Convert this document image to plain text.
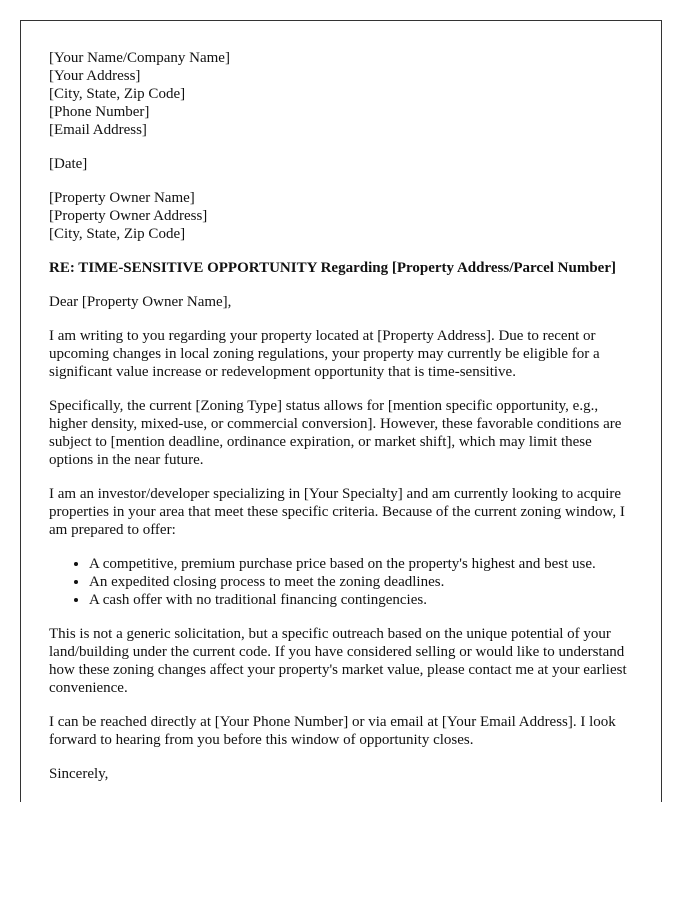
[Your Name/Company Name]
[Your Address]
[City, State, Zip Code]
[Phone Number]
[Email Address]

[Date]

[Property Owner Name]
[Property Owner Address]
[City, State, Zip Code]

RE: TIME-SENSITIVE OPPORTUNITY Regarding [Property Address/Parcel Number]

Dear [Property Owner Name],

I am writing to you regarding your property located at [Property Address]. Due to recent or upcoming changes in local zoning regulations, your property may currently be eligible for a significant value increase or redevelopment opportunity that is time-sensitive.

Specifically, the current [Zoning Type] status allows for [mention specific opportunity, e.g., higher density, mixed-use, or commercial conversion]. However, these favorable conditions are subject to [mention deadline, ordinance expiration, or market shift], which may limit these options in the near future.

I am an investor/developer specializing in [Your Specialty] and am currently looking to acquire properties in your area that meet these specific criteria. Because of the current zoning window, I am prepared to offer:

• A competitive, premium purchase price based on the property's highest and best use.
• An expedited closing process to meet the zoning deadlines.
• A cash offer with no traditional financing contingencies.

This is not a generic solicitation, but a specific outreach based on the unique potential of your land/building under the current code. If you have considered selling or would like to understand how these zoning changes affect your property's market value, please contact me at your earliest convenience.

I can be reached directly at [Your Phone Number] or via email at [Your Email Address]. I look forward to hearing from you before this window of opportunity closes.

Sincerely,
